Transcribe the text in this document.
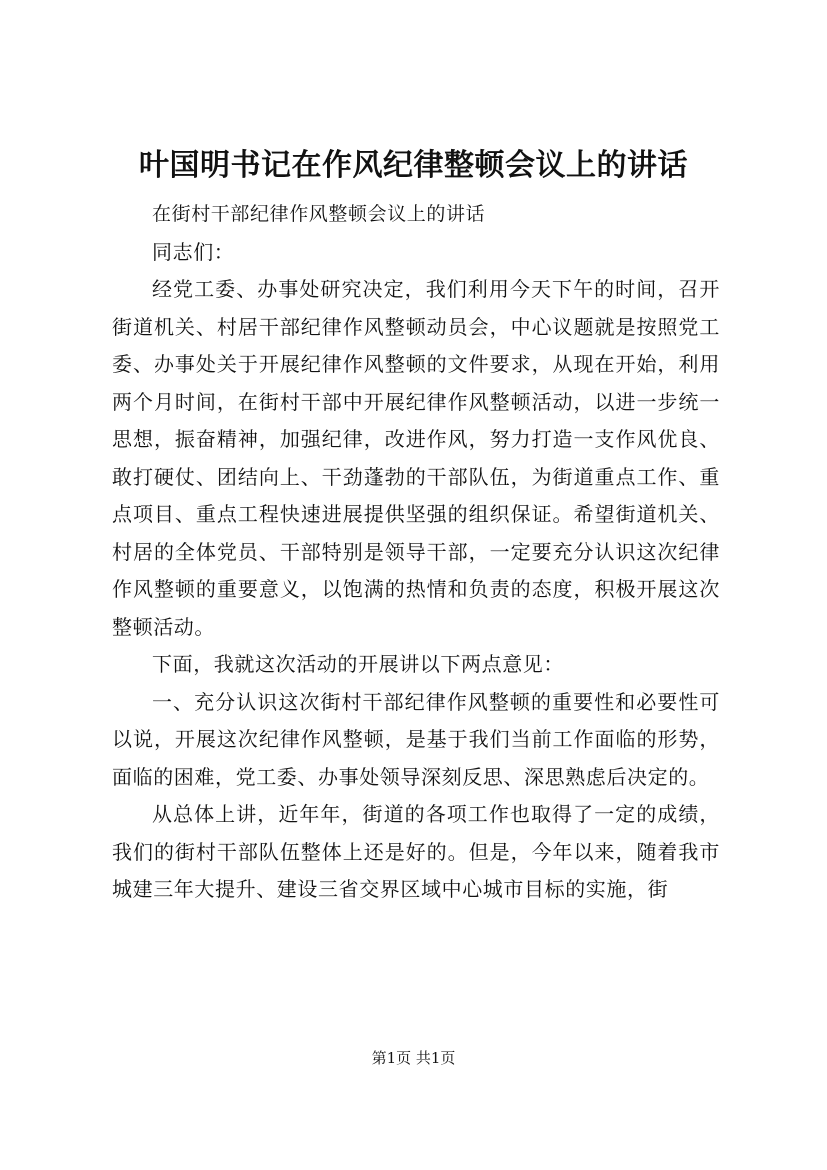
叶国明书记在作风纪律整顿会议上的讲话

在街村干部纪律作风整顿会议上的讲话

同志们：

经党工委、办事处研究决定，我们利用今天下午的时间，召开街道机关、村居干部纪律作风整顿动员会，中心议题就是按照党工委、办事处关于开展纪律作风整顿的文件要求，从现在开始，利用两个月时间，在街村干部中开展纪律作风整顿活动，以进一步统一思想，振奋精神，加强纪律，改进作风，努力打造一支作风优良、敢打硬仗、团结向上、干劲蓬勃的干部队伍，为街道重点工作、重点项目、重点工程快速进展提供坚强的组织保证。希望街道机关、村居的全体党员、干部特别是领导干部，一定要充分认识这次纪律作风整顿的重要意义，以饱满的热情和负责的态度，积极开展这次整顿活动。

下面，我就这次活动的开展讲以下两点意见：

一、充分认识这次街村干部纪律作风整顿的重要性和必要性可以说，开展这次纪律作风整顿，是基于我们当前工作面临的形势，面临的困难，党工委、办事处领导深刻反思、深思熟虑后决定的。

从总体上讲，近年年，街道的各项工作也取得了一定的成绩，我们的街村干部队伍整体上还是好的。但是，今年以来，随着我市城建三年大提升、建设三省交界区域中心城市目标的实施，街

第1页 共1页
